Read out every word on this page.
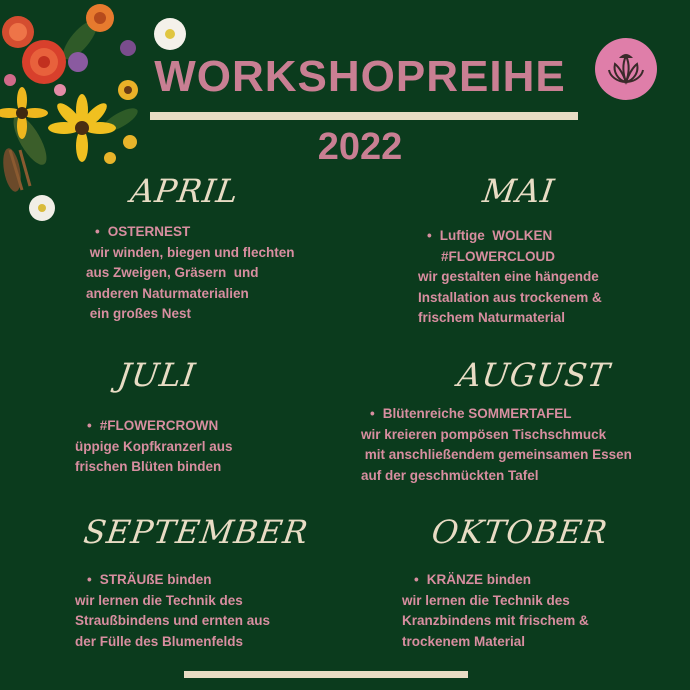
WORKSHOPREIHE
2022
APRIL
• OSTERNEST
wir winden, biegen und flechten
aus Zweigen, Gräsern  und
anderen Naturmaterialien
ein großes Nest
MAI
• Luftige  WOLKEN
#FLOWERCLOUD
wir gestalten eine hängende
Installation aus trockenem &
frischem Naturmaterial
JULI
• #FLOWERCROWN
üppige Kopfkranzerl aus
frischen Blüten binden
AUGUST
• Blütenreiche SOMMERTAFEL
wir kreieren pompösen Tischschmuck
mit anschließendem gemeinsamen Essen
auf der geschmückten Tafel
SEPTEMBER
• STRÄUßE binden
wir lernen die Technik des
Straußbindens und ernten aus
der Fülle des Blumenfelds
OKTOBER
• KRÄNZE binden
wir lernen die Technik des
Kranzbindens mit frischem &
trockenem Material
